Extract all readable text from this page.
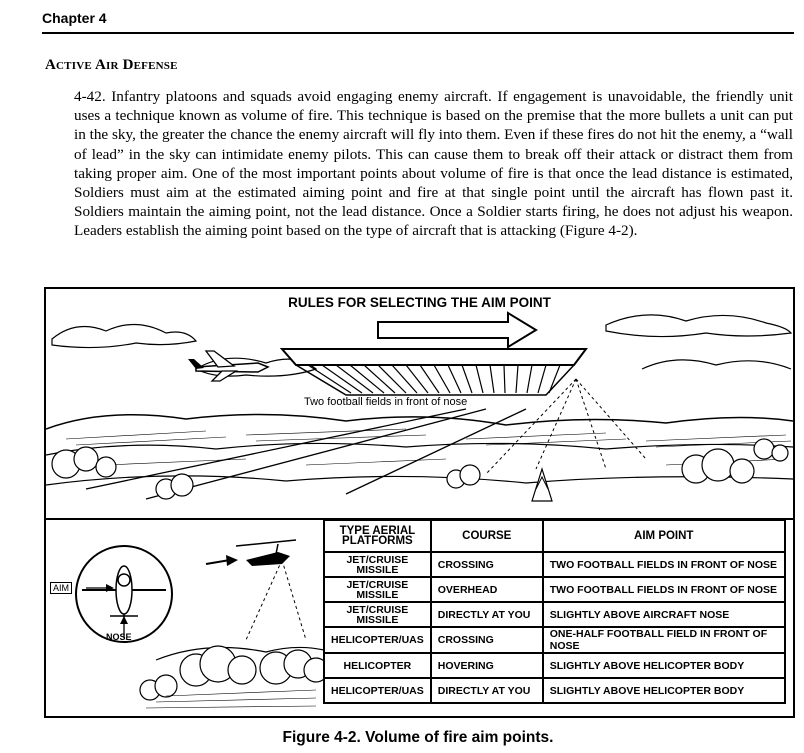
Chapter 4
Active Air Defense

4-42. Infantry platoons and squads avoid engaging enemy aircraft. If engagement is unavoidable, the friendly unit uses a technique known as volume of fire. This technique is based on the premise that the more bullets a unit can put in the sky, the greater the chance the enemy aircraft will fly into them. Even if these fires do not hit the enemy, a “wall of lead” in the sky can intimidate enemy pilots. This can cause them to break off their attack or distract them from taking proper aim. One of the most important points about volume of fire is that once the lead distance is estimated, Soldiers must aim at the estimated aiming point and fire at that single point until the aircraft has flown past it. Soldiers maintain the aiming point, not the lead distance. Once a Soldier starts firing, he does not adjust his weapon. Leaders establish the aiming point based on the type of aircraft that is attacking (Figure 4-2).

RULES FOR SELECTING THE AIM POINT
Two football fields in front of nose
AIM
NOSE
TYPE AERIAL PLATFORMS	COURSE	AIM POINT
JET/CRUISE MISSILE	CROSSING	TWO FOOTBALL FIELDS IN FRONT OF NOSE
JET/CRUISE MISSILE	OVERHEAD	TWO FOOTBALL FIELDS IN FRONT OF NOSE
JET/CRUISE MISSILE	DIRECTLY AT YOU	SLIGHTLY ABOVE AIRCRAFT NOSE
HELICOPTER/UAS	CROSSING	ONE-HALF FOOTBALL FIELD IN FRONT OF NOSE
HELICOPTER	HOVERING	SLIGHTLY ABOVE HELICOPTER BODY
HELICOPTER/UAS	DIRECTLY AT YOU	SLIGHTLY ABOVE HELICOPTER BODY
Figure 4-2. Volume of fire aim points.
